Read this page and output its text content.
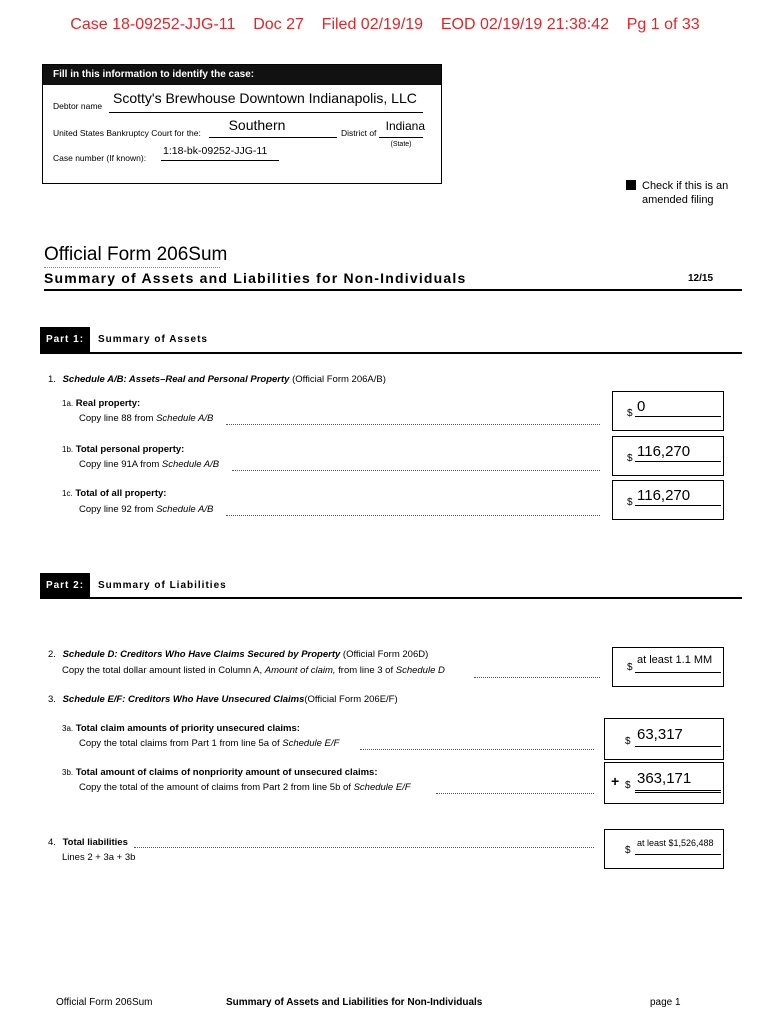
Case 18-09252-JJG-11    Doc 27    Filed 02/19/19    EOD 02/19/19 21:38:42    Pg 1 of 33
Fill in this information to identify the case:
Debtor name Scotty's Brewhouse Downtown Indianapolis, LLC
United States Bankruptcy Court for the:	Southern	District of Indiana
(State)
Case number (If known):
1:18-bk-09252-JJG-11
Check if this is an
amended filing
Official Form 206Sum
Summary of Assets and Liabilities for Non-Individuals	12/15
Part 1:	Summary of Assets
1. Schedule A/B: Assets–Real and Personal Property (Official Form 206A/B)
1a. Real property:
Copy line 88 from Schedule A/B	$ 0
1b. Total personal property:
Copy line 91A from Schedule A/B
$ 116,270
1c. Total of all property:
Copy line 92 from Schedule A/B
$ 116,270
Part 2:	Summary of Liabilities
2. Schedule D: Creditors Who Have Claims Secured by Property (Official Form 206D)
Copy the total dollar amount listed in Column A, Amount of claim, from line 3 of Schedule D	$
at least 1.1 MM
3. Schedule E/F: Creditors Who Have Unsecured Claims(Official Form 206E/F)
3a. Total claim amounts of priority unsecured claims:
Copy the total claims from Part 1 from line 5a of Schedule E/F	$ 63,317
3b. Total amount of claims of nonpriority amount of unsecured claims:
Copy the total of the amount of claims from Part 2 from line 5b of Schedule E/F	+ $ 363,171
4. Total liabilities
Lines 2 + 3a + 3b
$
at least $1,526,488
Official Form 206Sum	Summary of Assets and Liabilities for Non-Individuals	page 1
